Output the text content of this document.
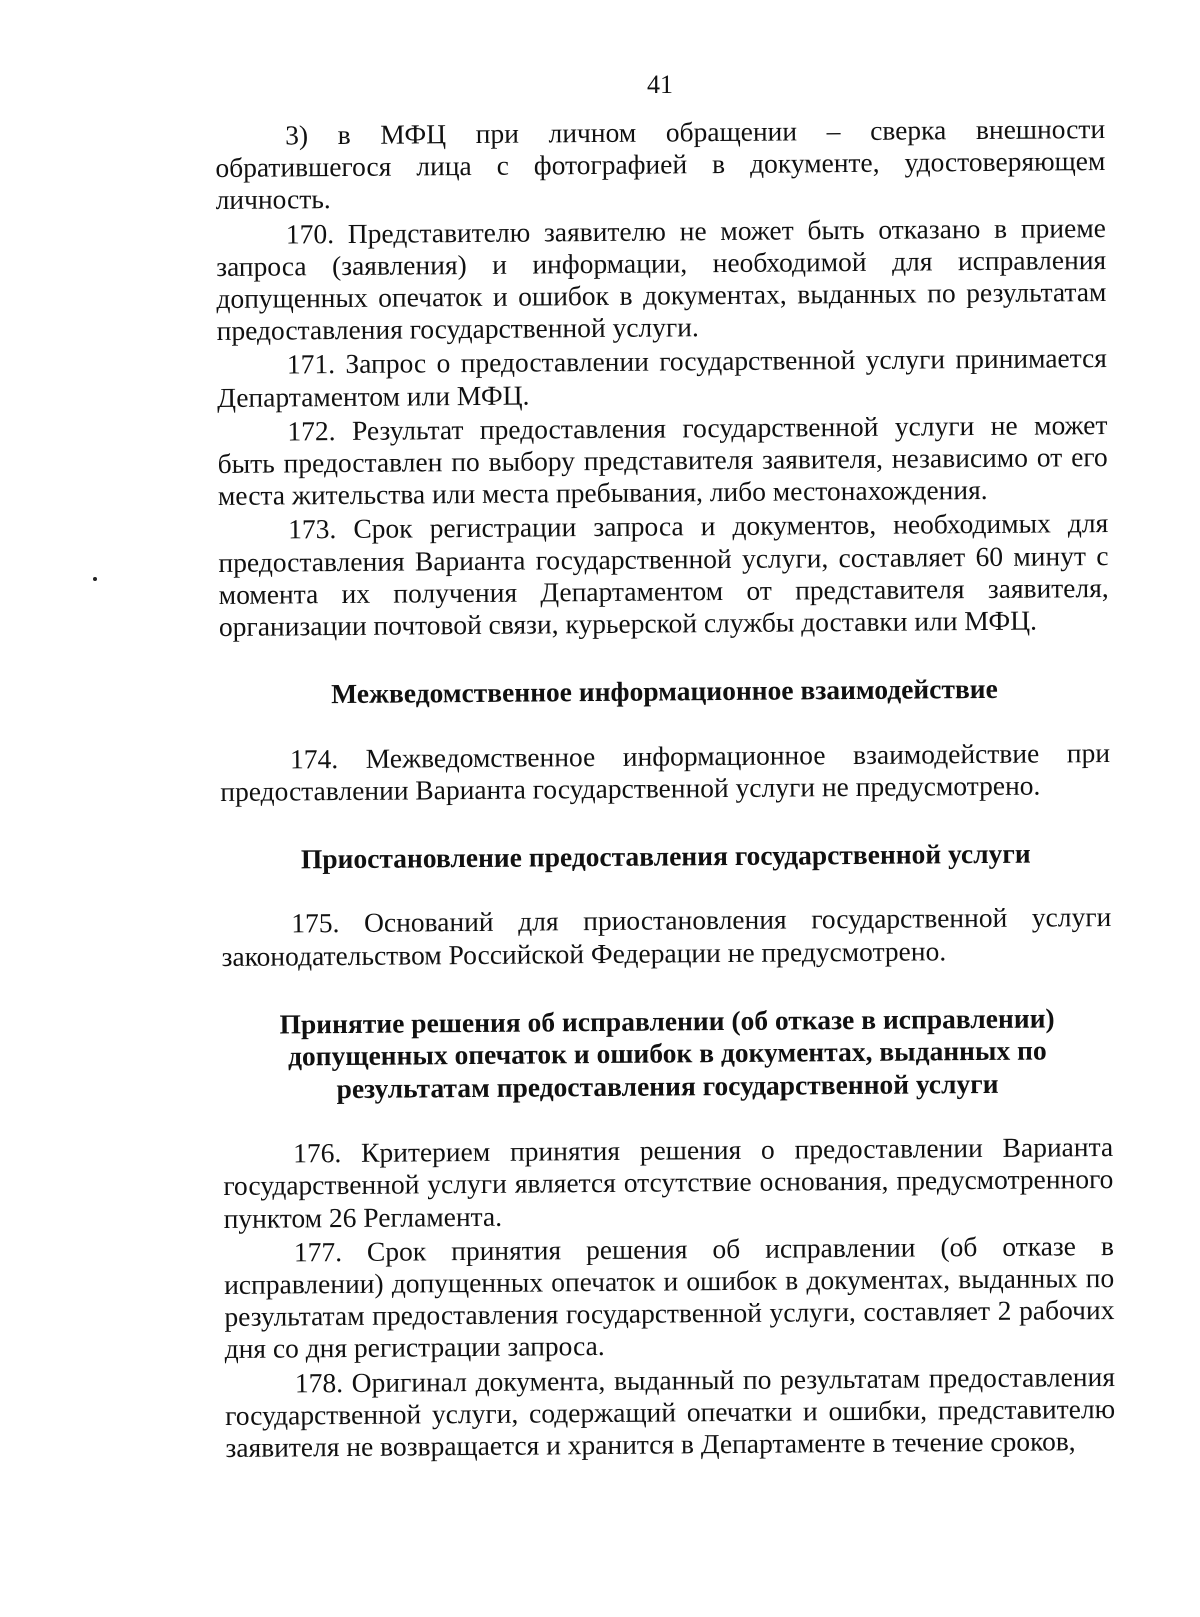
41

3) в МФЦ при личном обращении – сверка внешности обратившегося лица с фотографией в документе, удостоверяющем личность.

170. Представителю заявителю не может быть отказано в приеме запроса (заявления) и информации, необходимой для исправления допущенных опечаток и ошибок в документах, выданных по результатам предоставления государственной услуги.

171. Запрос о предоставлении государственной услуги принимается Департаментом или МФЦ.

172. Результат предоставления государственной услуги не может быть предоставлен по выбору представителя заявителя, независимо от его места жительства или места пребывания, либо местонахождения.

173. Срок регистрации запроса и документов, необходимых для предоставления Варианта государственной услуги, составляет 60 минут с момента их получения Департаментом от представителя заявителя, организации почтовой связи, курьерской службы доставки или МФЦ.

Межведомственное информационное взаимодействие

174. Межведомственное информационное взаимодействие при предоставлении Варианта государственной услуги не предусмотрено.

Приостановление предоставления государственной услуги

175. Оснований для приостановления государственной услуги законодательством Российской Федерации не предусмотрено.

Принятие решения об исправлении (об отказе в исправлении) допущенных опечаток и ошибок в документах, выданных по результатам предоставления государственной услуги

176. Критерием принятия решения о предоставлении Варианта государственной услуги является отсутствие основания, предусмотренного пунктом 26 Регламента.

177. Срок принятия решения об исправлении (об отказе в исправлении) допущенных опечаток и ошибок в документах, выданных по результатам предоставления государственной услуги, составляет 2 рабочих дня со дня регистрации запроса.

178. Оригинал документа, выданный по результатам предоставления государственной услуги, содержащий опечатки и ошибки, представителю заявителя не возвращается и хранится в Департаменте в течение сроков,
